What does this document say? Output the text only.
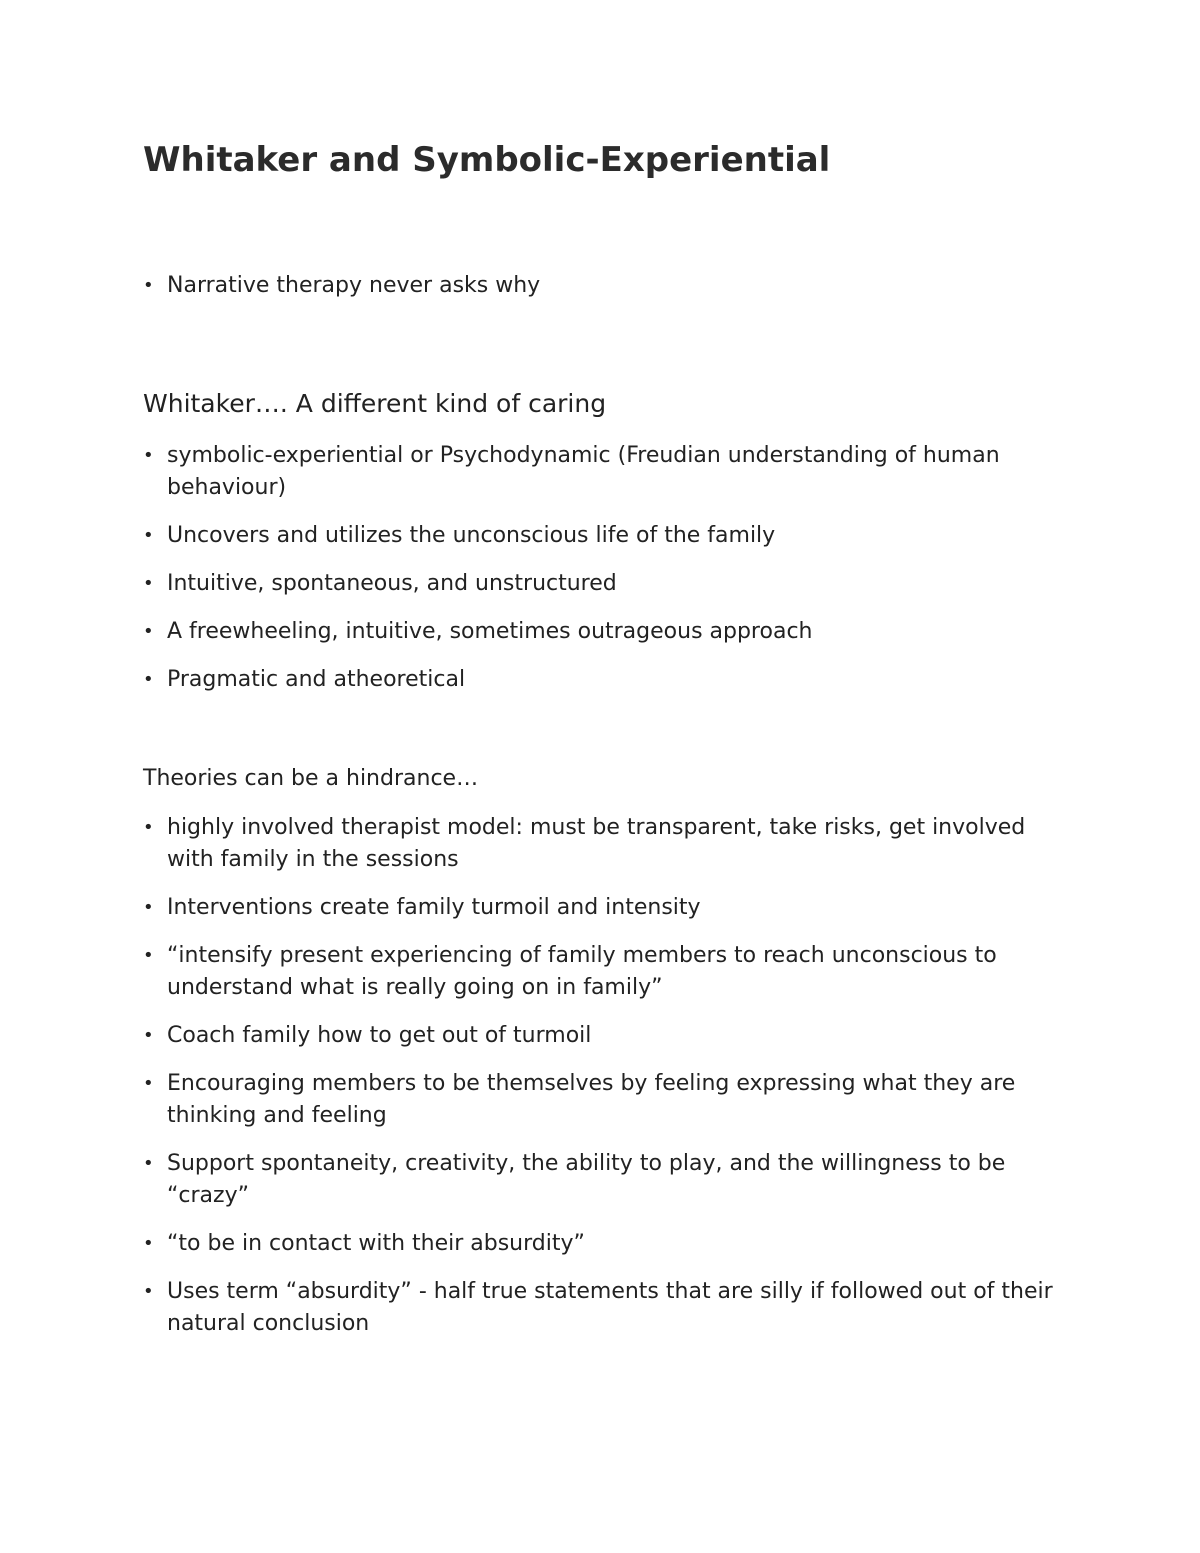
Whitaker and Symbolic-Experiential
• Narrative therapy never asks why
Whitaker…. A different kind of caring
• symbolic-experiential or Psychodynamic (Freudian understanding of human behaviour)
• Uncovers and utilizes the unconscious life of the family
• Intuitive, spontaneous, and unstructured
• A freewheeling, intuitive, sometimes outrageous approach
• Pragmatic and atheoretical

Theories can be a hindrance…

• highly involved therapist model: must be transparent, take risks, get involved with family in the sessions
• Interventions create family turmoil and intensity
• “intensify present experiencing of family members to reach unconscious to understand what is really going on in family”
• Coach family how to get out of turmoil
• Encouraging members to be themselves by feeling expressing what they are thinking and feeling
• Support spontaneity, creativity, the ability to play, and the willingness to be “crazy”
• “to be in contact with their absurdity”
• Uses term “absurdity” - half true statements that are silly if followed out of their natural conclusion
